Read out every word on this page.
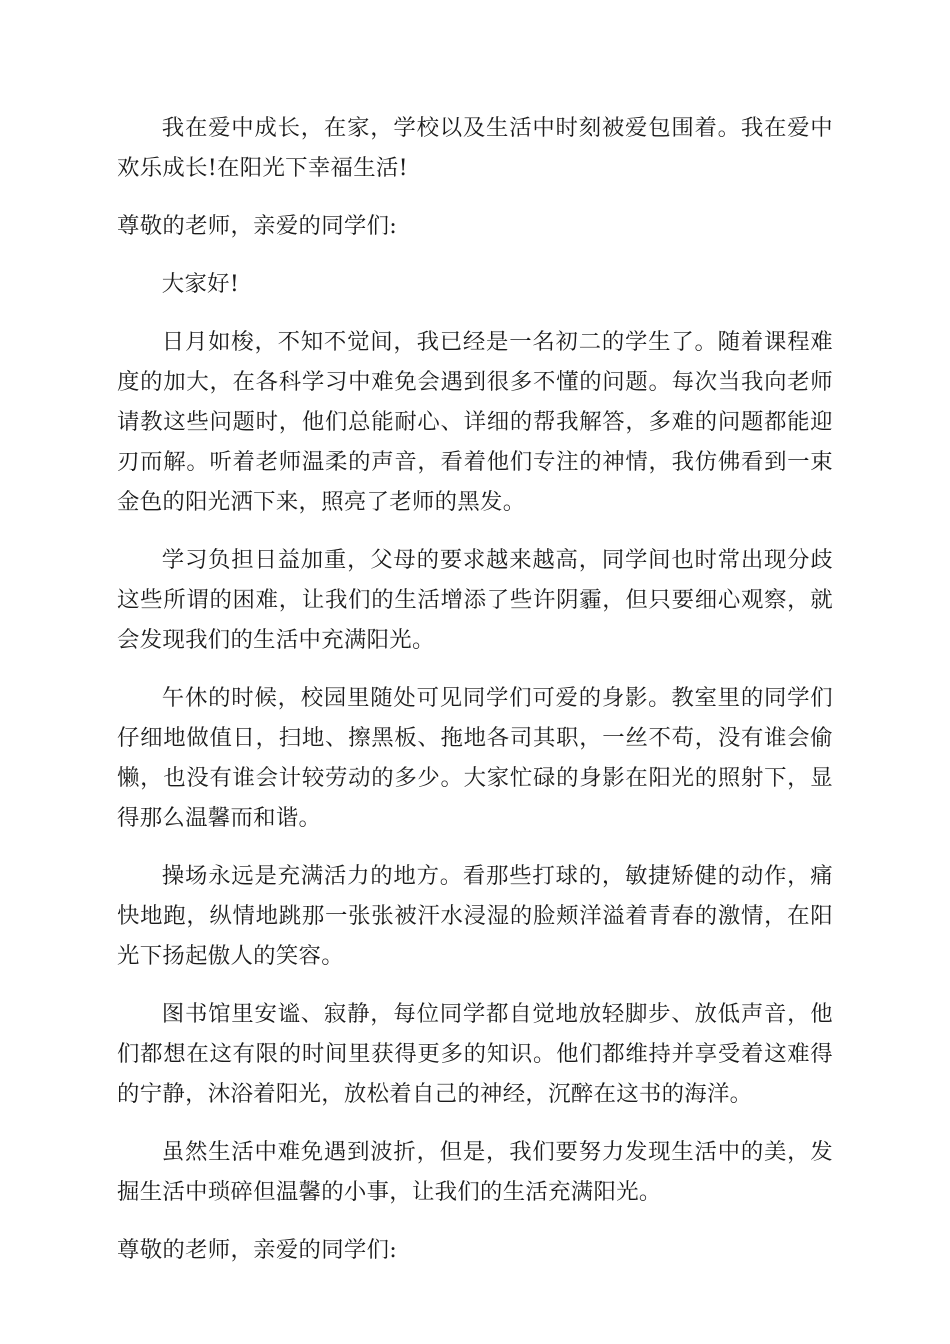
我在爱中成长，在家，学校以及生活中时刻被爱包围着。我在爱中欢乐成长!在阳光下幸福生活!

尊敬的老师，亲爱的同学们:

大家好!

日月如梭，不知不觉间，我已经是一名初二的学生了。随着课程难度的加大，在各科学习中难免会遇到很多不懂的问题。每次当我向老师请教这些问题时，他们总能耐心、详细的帮我解答，多难的问题都能迎刃而解。听着老师温柔的声音，看着他们专注的神情，我仿佛看到一束金色的阳光洒下来，照亮了老师的黑发。

学习负担日益加重，父母的要求越来越高，同学间也时常出现分歧这些所谓的困难，让我们的生活增添了些许阴霾，但只要细心观察，就会发现我们的生活中充满阳光。

午休的时候，校园里随处可见同学们可爱的身影。教室里的同学们仔细地做值日，扫地、擦黑板、拖地各司其职，一丝不苟，没有谁会偷懒，也没有谁会计较劳动的多少。大家忙碌的身影在阳光的照射下，显得那么温馨而和谐。

操场永远是充满活力的地方。看那些打球的，敏捷矫健的动作，痛快地跑，纵情地跳那一张张被汗水浸湿的脸颊洋溢着青春的激情，在阳光下扬起傲人的笑容。

图书馆里安谧、寂静，每位同学都自觉地放轻脚步、放低声音，他们都想在这有限的时间里获得更多的知识。他们都维持并享受着这难得的宁静，沐浴着阳光，放松着自己的神经，沉醉在这书的海洋。

虽然生活中难免遇到波折，但是，我们要努力发现生活中的美，发掘生活中琐碎但温馨的小事，让我们的生活充满阳光。

尊敬的老师，亲爱的同学们:
